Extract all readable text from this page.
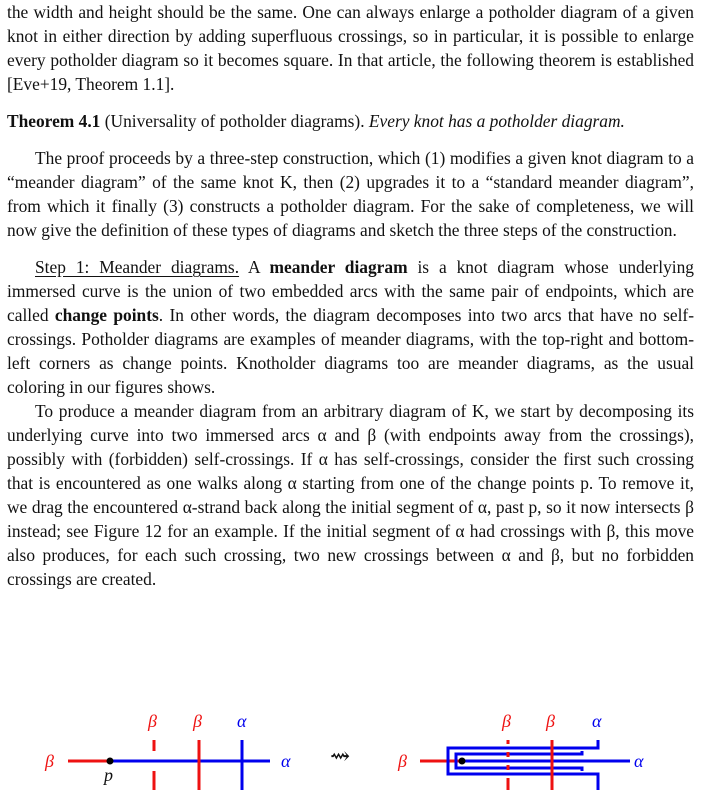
the width and height should be the same. One can always enlarge a potholder diagram of a given knot in either direction by adding superfluous crossings, so in particular, it is possible to enlarge every potholder diagram so it becomes square. In that article, the following theorem is established [Eve+19, Theorem 1.1].

Theorem 4.1 (Universality of potholder diagrams). Every knot has a potholder diagram.

The proof proceeds by a three-step construction, which (1) modifies a given knot diagram to a “meander diagram” of the same knot K, then (2) upgrades it to a “standard meander diagram”, from which it finally (3) constructs a potholder diagram. For the sake of completeness, we will now give the definition of these types of diagrams and sketch the three steps of the construction.

Step 1: Meander diagrams. A meander diagram is a knot diagram whose underlying immersed curve is the union of two embedded arcs with the same pair of endpoints, which are called change points. In other words, the diagram decomposes into two arcs that have no self-crossings. Potholder diagrams are examples of meander diagrams, with the top-right and bottom-left corners as change points. Knotholder diagrams too are meander diagrams, as the usual coloring in our figures shows.

To produce a meander diagram from an arbitrary diagram of K, we start by decomposing its underlying curve into two immersed arcs α and β (with endpoints away from the crossings), possibly with (forbidden) self-crossings. If α has self-crossings, consider the first such crossing that is encountered as one walks along α starting from one of the change points p. To remove it, we drag the encountered α-strand back along the initial segment of α, past p, so it now intersects β instead; see Figure 12 for an example. If the initial segment of α had crossings with β, this move also produces, for each such crossing, two new crossings between α and β, but no forbidden crossings are created.

β
p
β β α
α ⇝	β
β β α
α
